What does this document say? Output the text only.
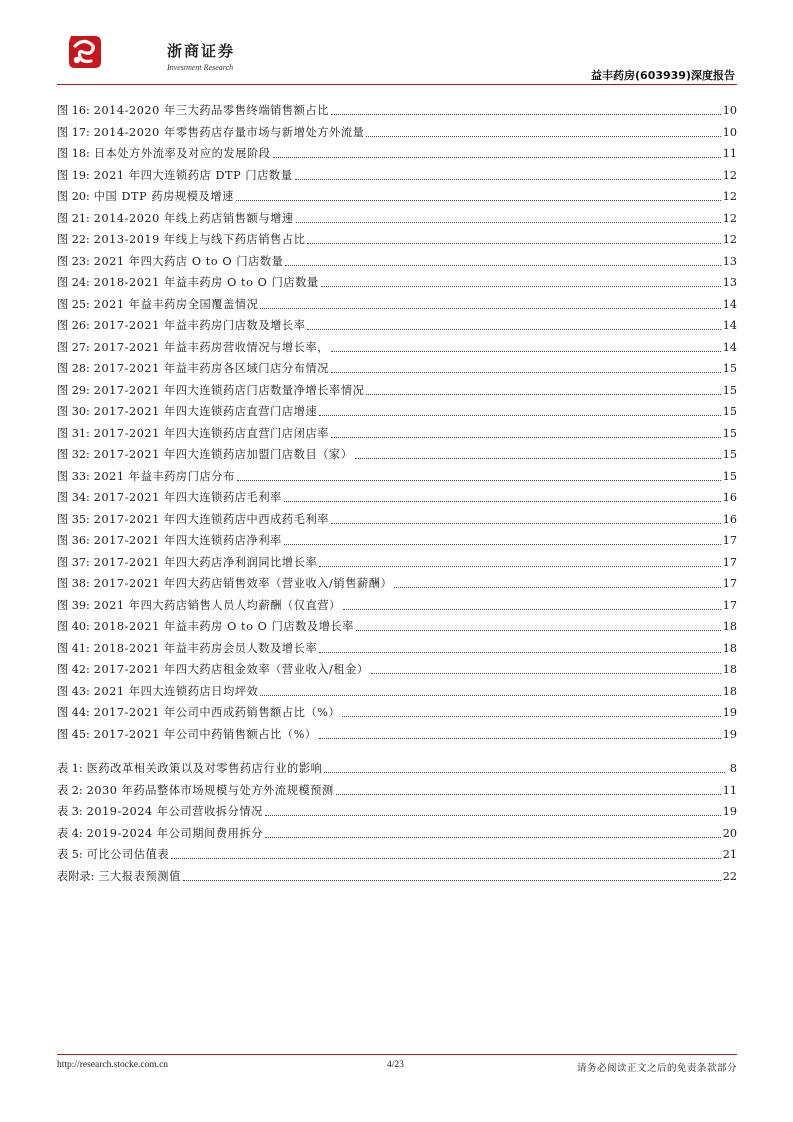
浙商证券
Investment Research
益丰药房(603939)深度报告
图 16: 2014-2020 年三大药品零售终端销售额占比	10
图 17: 2014-2020 年零售药店存量市场与新增处方外流量	10
图 18: 日本处方外流率及对应的发展阶段	11
图 19: 2021 年四大连锁药店 DTP 门店数量	12
图 20: 中国 DTP 药房规模及增速	12
图 21: 2014-2020 年线上药店销售额与增速	12
图 22: 2013-2019 年线上与线下药店销售占比	12
图 23: 2021 年四大药店 O to O 门店数量	13
图 24: 2018-2021 年益丰药房 O to O 门店数量	13
图 25: 2021 年益丰药房全国覆盖情况	14
图 26: 2017-2021 年益丰药房门店数及增长率	14
图 27: 2017-2021 年益丰药房营收情况与增长率，	14
图 28: 2017-2021 年益丰药房各区域门店分布情况	15
图 29: 2017-2021 年四大连锁药店门店数量净增长率情况	15
图 30: 2017-2021 年四大连锁药店直营门店增速	15
图 31: 2017-2021 年四大连锁药店直营门店闭店率	15
图 32: 2017-2021 年四大连锁药店加盟门店数目（家）	15
图 33: 2021 年益丰药房门店分布	15
图 34: 2017-2021 年四大连锁药店毛利率	16
图 35: 2017-2021 年四大连锁药店中西成药毛利率	16
图 36: 2017-2021 年四大连锁药店净利率	17
图 37: 2017-2021 年四大药店净利润同比增长率	17
图 38: 2017-2021 年四大药店销售效率（营业收入/销售薪酬）	17
图 39: 2021 年四大药店销售人员人均薪酬（仅直营）	17
图 40: 2018-2021 年益丰药房 O to O 门店数及增长率	18
图 41: 2018-2021 年益丰药房会员人数及增长率	18
图 42: 2017-2021 年四大药店租金效率（营业收入/租金）	18
图 43: 2021 年四大连锁药店日均坪效	18
图 44: 2017-2021 年公司中西成药销售额占比（%）	19
图 45: 2017-2021 年公司中药销售额占比（%）	19
表 1: 医药改革相关政策以及对零售药店行业的影响	8
表 2: 2030 年药品整体市场规模与处方外流规模预测	11
表 3: 2019-2024 年公司营收拆分情况	19
表 4: 2019-2024 年公司期间费用拆分	20
表 5: 可比公司估值表	21
表附录: 三大报表预测值	22
http://research.stocke.com.cn	4/23	请务必阅读正文之后的免责条款部分
